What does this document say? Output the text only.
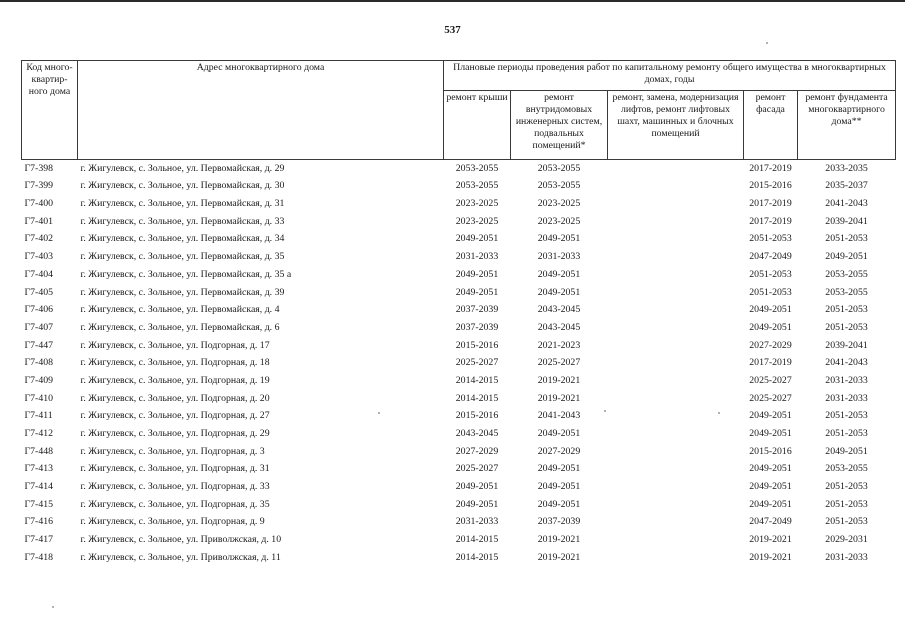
537
Код много-квартир-ного дома	Адрес многоквартирного дома	Плановые периоды проведения работ по капитальному ремонту общего имущества в многоквартирных домах, годы				
		ремонт крыши	ремонт внутридомовых инженерных систем, подвальных помещений*	ремонт, замена, модернизация лифтов, ремонт лифтовых шахт, машинных и блочных помещений	ремонт фасада	ремонт фундамента многоквартирного дома**
Г7-398	г. Жигулевск, с. Зольное, ул. Первомайская, д. 29	2053-2055	2053-2055		2017-2019	2033-2035
Г7-399	г. Жигулевск, с. Зольное, ул. Первомайская, д. 30	2053-2055	2053-2055		2015-2016	2035-2037
Г7-400	г. Жигулевск, с. Зольное, ул. Первомайская, д. 31	2023-2025	2023-2025		2017-2019	2041-2043
Г7-401	г. Жигулевск, с. Зольное, ул. Первомайская, д. 33	2023-2025	2023-2025		2017-2019	2039-2041
Г7-402	г. Жигулевск, с. Зольное, ул. Первомайская, д. 34	2049-2051	2049-2051		2051-2053	2051-2053
Г7-403	г. Жигулевск, с. Зольное, ул. Первомайская, д. 35	2031-2033	2031-2033		2047-2049	2049-2051
Г7-404	г. Жигулевск, с. Зольное, ул. Первомайская, д. 35 а	2049-2051	2049-2051		2051-2053	2053-2055
Г7-405	г. Жигулевск, с. Зольное, ул. Первомайская, д. 39	2049-2051	2049-2051		2051-2053	2053-2055
Г7-406	г. Жигулевск, с. Зольное, ул. Первомайская, д. 4	2037-2039	2043-2045		2049-2051	2051-2053
Г7-407	г. Жигулевск, с. Зольное, ул. Первомайская, д. 6	2037-2039	2043-2045		2049-2051	2051-2053
Г7-447	г. Жигулевск, с. Зольное, ул. Подгорная, д. 17	2015-2016	2021-2023		2027-2029	2039-2041
Г7-408	г. Жигулевск, с. Зольное, ул. Подгорная, д. 18	2025-2027	2025-2027		2017-2019	2041-2043
Г7-409	г. Жигулевск, с. Зольное, ул. Подгорная, д. 19	2014-2015	2019-2021		2025-2027	2031-2033
Г7-410	г. Жигулевск, с. Зольное, ул. Подгорная, д. 20	2014-2015	2019-2021		2025-2027	2031-2033
Г7-411	г. Жигулевск, с. Зольное, ул. Подгорная, д. 27	2015-2016	2041-2043		2049-2051	2051-2053
Г7-412	г. Жигулевск, с. Зольное, ул. Подгорная, д. 29	2043-2045	2049-2051		2049-2051	2051-2053
Г7-448	г. Жигулевск, с. Зольное, ул. Подгорная, д. 3	2027-2029	2027-2029		2015-2016	2049-2051
Г7-413	г. Жигулевск, с. Зольное, ул. Подгорная, д. 31	2025-2027	2049-2051		2049-2051	2053-2055
Г7-414	г. Жигулевск, с. Зольное, ул. Подгорная, д. 33	2049-2051	2049-2051		2049-2051	2051-2053
Г7-415	г. Жигулевск, с. Зольное, ул. Подгорная, д. 35	2049-2051	2049-2051		2049-2051	2051-2053
Г7-416	г. Жигулевск, с. Зольное, ул. Подгорная, д. 9	2031-2033	2037-2039		2047-2049	2051-2053
Г7-417	г. Жигулевск, с. Зольное, ул. Приволжская, д. 10	2014-2015	2019-2021		2019-2021	2029-2031
Г7-418	г. Жигулевск, с. Зольное, ул. Приволжская, д. 11	2014-2015	2019-2021		2019-2021	2031-2033
